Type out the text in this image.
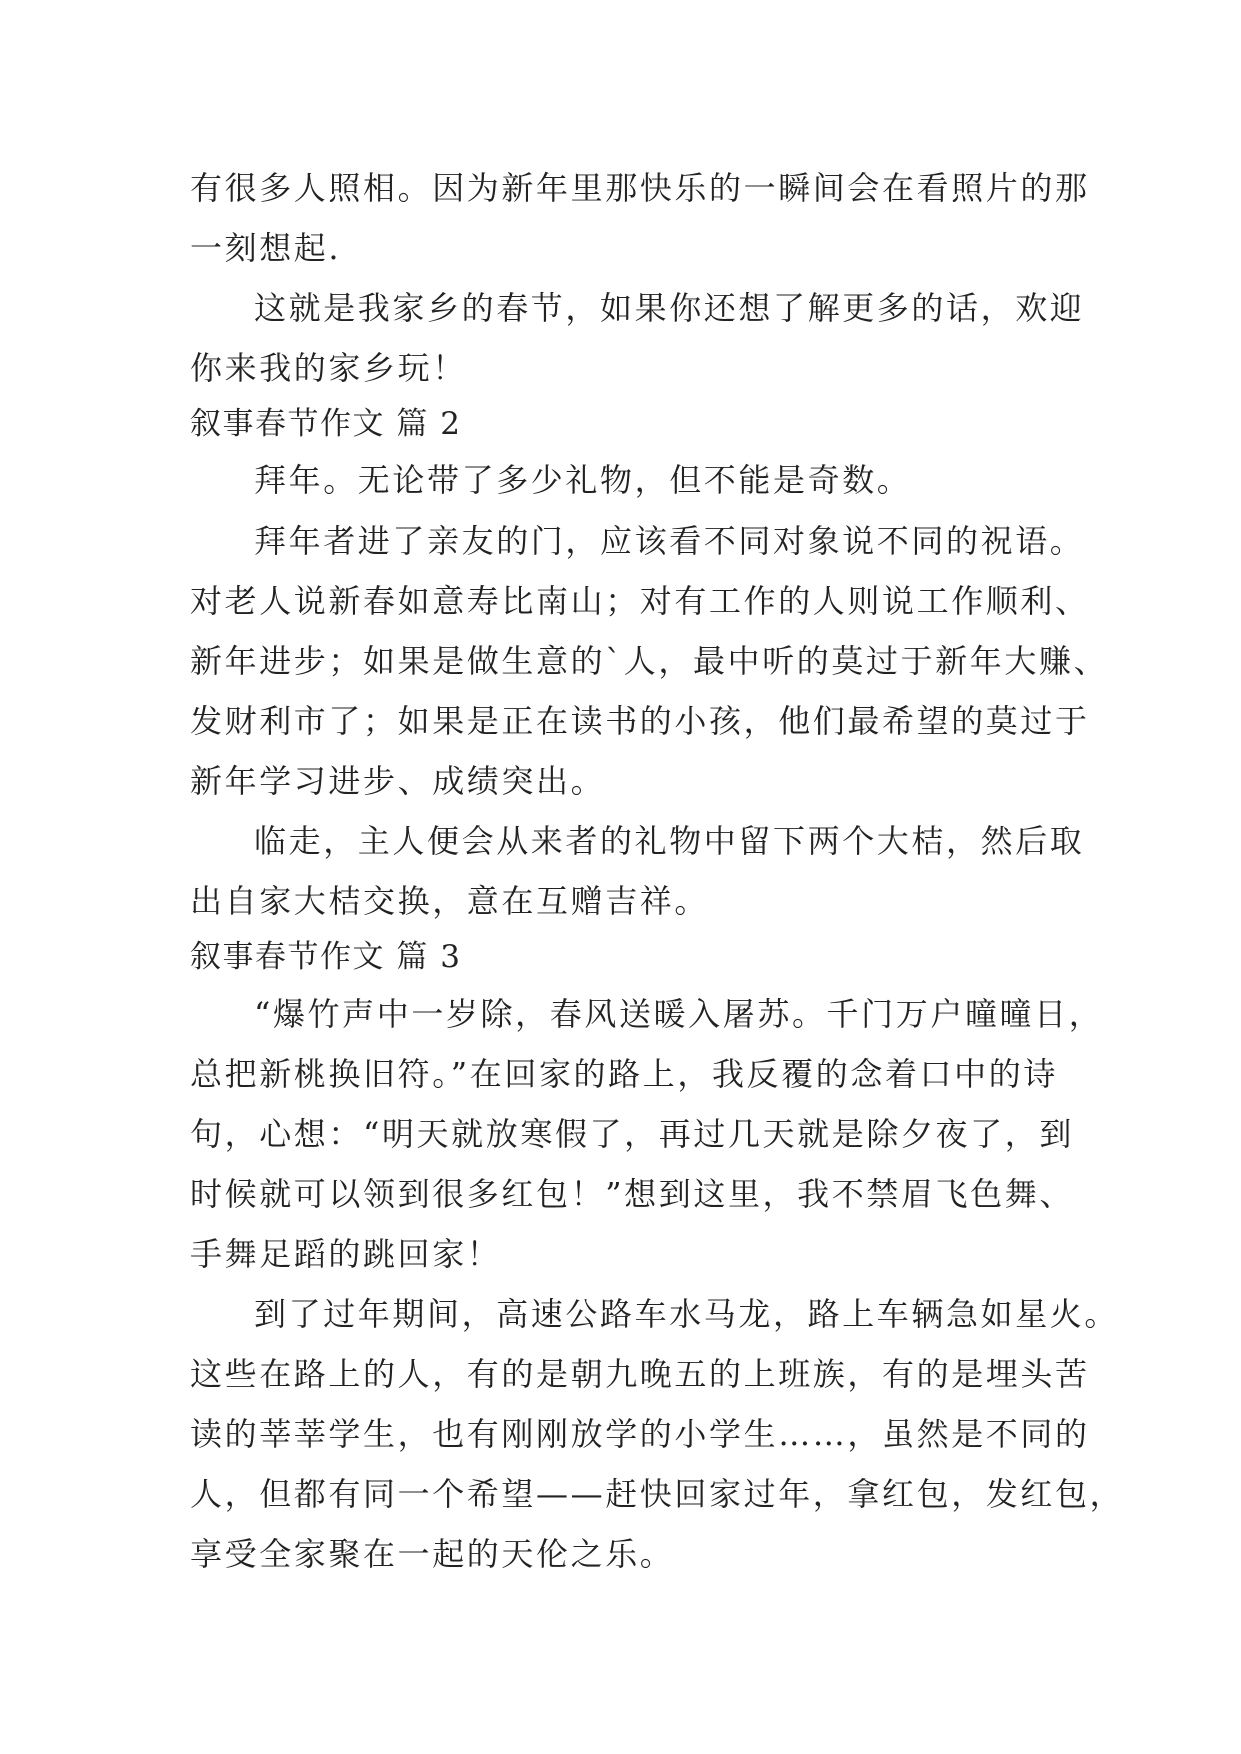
有很多人照相。因为新年里那快乐的一瞬间会在看照片的那
一刻想起.
这就是我家乡的春节，如果你还想了解更多的话，欢迎
你来我的家乡玩！
叙事春节作文 篇 2
拜年。无论带了多少礼物，但不能是奇数。
拜年者进了亲友的门，应该看不同对象说不同的祝语。
对老人说新春如意寿比南山；对有工作的人则说工作顺利、
新年进步；如果是做生意的`人，最中听的莫过于新年大赚、
发财利市了；如果是正在读书的小孩，他们最希望的莫过于
新年学习进步、成绩突出。
临走，主人便会从来者的礼物中留下两个大桔，然后取
出自家大桔交换，意在互赠吉祥。
叙事春节作文 篇 3
“爆竹声中一岁除，春风送暖入屠苏。千门万户曈曈日，
总把新桃换旧符。”在回家的路上，我反覆的念着口中的诗
句，心想：“明天就放寒假了，再过几天就是除夕夜了，到
时候就可以领到很多红包！”想到这里，我不禁眉飞色舞、
手舞足蹈的跳回家！
到了过年期间，高速公路车水马龙，路上车辆急如星火。
这些在路上的人，有的是朝九晚五的上班族，有的是埋头苦
读的莘莘学生，也有刚刚放学的小学生……，虽然是不同的
人，但都有同一个希望——赶快回家过年，拿红包，发红包，
享受全家聚在一起的天伦之乐。
